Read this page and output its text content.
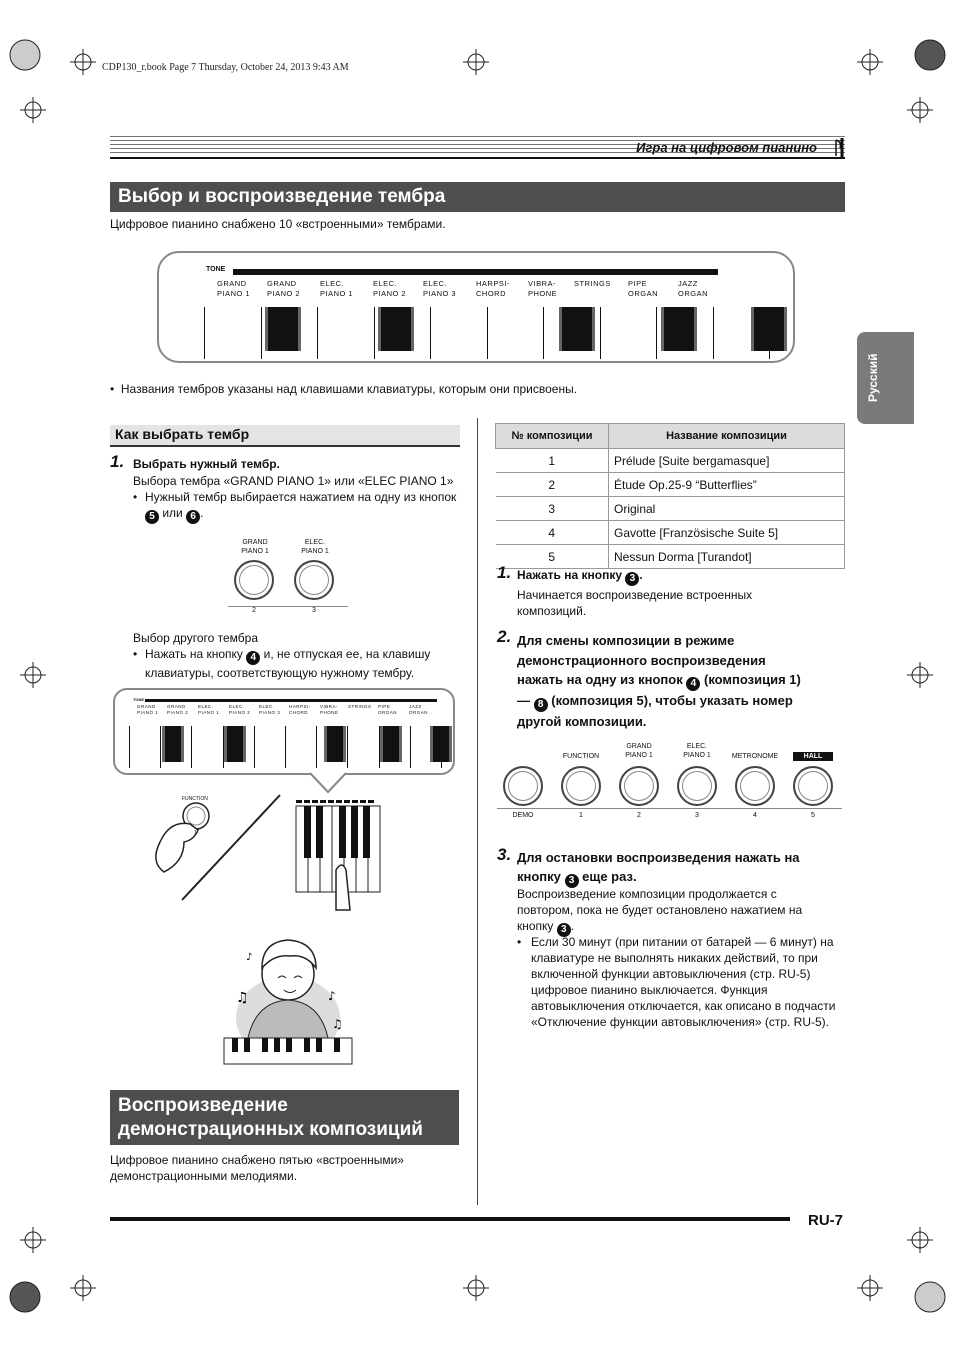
CDP130_r.book Page 7 Thursday, October 24, 2013 9:43 AM
Игра на цифровом пианино
Русский
Выбор и воспроизведение тембра
Цифровое пианино снабжено 10 «встроенными» тембрами.
TONE
GRAND
PIANO 1
GRAND
PIANO 2
ELEC.
PIANO 1
ELEC.
PIANO 2
ELEC.
PIANO 3
HARPSI-
CHORD
VIBRA-
PHONE
STRINGS	PIPE
ORGAN
JAZZ
ORGAN
•  Названия тембров указаны над клавишами клавиатуры, которым они присвоены.
Как выбрать тембр
1. Выбрать нужный тембр.
Выбора тембра «GRAND PIANO 1» или «ELEC PIANO 1»
• Нужный тембр выбирается нажатием на одну из кнопок 5 или 6 .
GRAND
PIANO 1
ELEC.
PIANO 1
2	3
Выбор другого тембра
• Нажать на кнопку 4 и, не отпуская ее, на клавишу клавиатуры, соответствующую нужному тембру.
TONE
GRAND
PIANO 1
GRAND
PIANO 2
ELEC.
PIANO 1
ELEC.
PIANO 2
ELEC.
PIANO 3
HARPSI-
CHORD
VIBRA-
PHONE
STRINGS	PIPE
ORGAN
JAZZ
ORGAN
FUNCTION
1
♫	♪
♫
♪
Воспроизведение
демонстрационных композиций
Цифровое пианино снабжено пятью «встроенными» демонстрационными мелодиями.
№ композиции	Название композиции
1	Prélude [Suite bergamasque]
2	Étude Op.25-9 “Butterflies”
3	Original
4	Gavotte [Französische Suite 5]
5	Nessun Dorma [Turandot]
1. Нажать на кнопку 3 .
Начинается воспроизведение встроенных композиций.
2. Для смены композиции в режиме
демонстрационного воспроизведения
нажать на одну из кнопок 4 (композиция 1)
— 8 (композиция 5), чтобы указать номер
другой композиции.
DEMO
FUNCTION
1
GRAND
PIANO 1
2
ELEC.
PIANO 1
3
METRONOME
4
HALL
5
3. Для остановки воспроизведения нажать на
кнопку 3 еще раз.
Воспроизведение композиции продолжается с
повтором, пока не будет остановлено нажатием на
кнопку 3 .
• Если 30 минут (при питании от батарей — 6 минут) на клавиатуре не выполнять никаких действий, то при включенной функции автовыключения (стр. RU-5) цифровое пианино выключается. Функция автовыключения отключается, как описано в подчасти «Отключение функции автовыключения» (стр. RU-5).
RU-7
